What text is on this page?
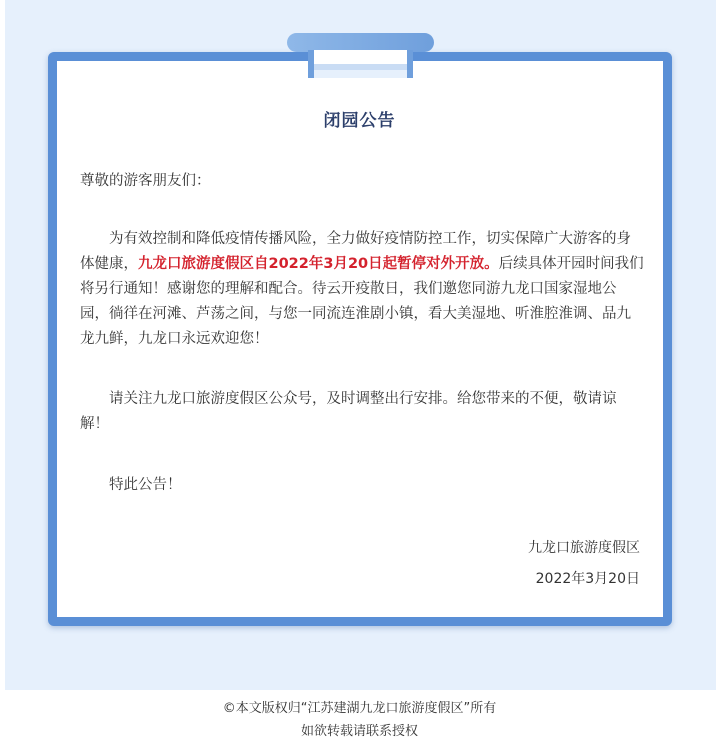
闭园公告
尊敬的游客朋友们：
为有效控制和降低疫情传播风险，全力做好疫情防控工作，切实保障广大游客的身体健康，九龙口旅游度假区自2022年3月20日起暂停对外开放。后续具体开园时间我们将另行通知！感谢您的理解和配合。待云开疫散日，我们邀您同游九龙口国家湿地公园，徜徉在河滩、芦荡之间，与您一同流连淮剧小镇，看大美湿地、听淮腔淮调、品九龙九鲜，九龙口永远欢迎您！
请关注九龙口旅游度假区公众号，及时调整出行安排。给您带来的不便，敬请谅解！
特此公告！
九龙口旅游度假区
2022年3月20日
©本文版权归“江苏建湖九龙口旅游度假区”所有
如欲转载请联系授权
